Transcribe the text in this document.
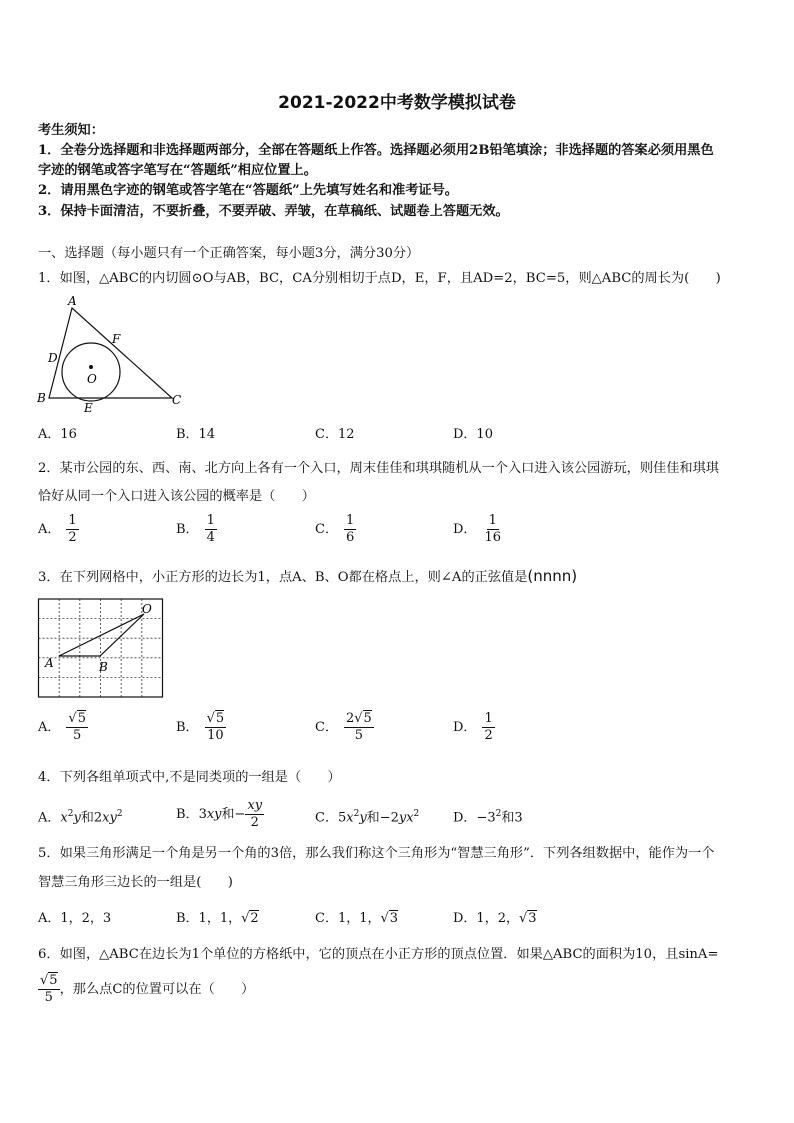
2021-2022中考数学模拟试卷
考生须知：
1．全卷分选择题和非选择题两部分，全部在答题纸上作答。选择题必须用2B铅笔填涂；非选择题的答案必须用黑色
字迹的钢笔或答字笔写在“答题纸”相应位置上。
2．请用黑色字迹的钢笔或答字笔在“答题纸”上先填写姓名和准考证号。
3．保持卡面清洁，不要折叠，不要弄破、弄皱，在草稿纸、试题卷上答题无效。
一、选择题（每小题只有一个正确答案，每小题3分，满分30分）
1．如图，△ABC的内切圆⊙O与AB，BC，CA分别相切于点D，E，F，且AD=2，BC=5，则△ABC的周长为(　　)
A
B	C
D
E
F
O
A．16	B．14	C．12	D．10
2．某市公园的东、西、南、北方向上各有一个入口，周末佳佳和琪琪随机从一个入口进入该公园游玩，则佳佳和琪琪
恰好从同一个入口进入该公园的概率是（　　）
A． $\frac{1}{2}$	B． $\frac{1}{4}$	C． $\frac{1}{6}$	D． $\frac{1}{16}$
3．在下列网格中，小正方形的边长为1，点A、B、O都在格点上，则∠A的正弦值是(nnnn)
A	B
O
A． $\frac{√5}{5}$	B． $\frac{√5}{10}$	C． $\frac{2√5}{5}$	D． $\frac{1}{2}$
4．下列各组单项式中,不是同类项的一组是（　　）
A．$x^2y$和$2xy^2$	B．3xy和− $\frac{xy}{2}$	C．$5x^2y$和$-2yx^2$	D．$-3^2$和3
5．如果三角形满足一个角是另一个角的3倍，那么我们称这个三角形为“智慧三角形”．下列各组数据中，能作为一个
智慧三角形三边长的一组是(　　)
A．1，2，3	B．1，1，√2	C．1，1，√3	D．1，2，√3
6．如图，△ABC在边长为1个单位的方格纸中，它的顶点在小正方形的顶点位置．如果△ABC的面积为10，且sinA=
$\frac{√5}{5}$ ，那么点C的位置可以在（　　）
